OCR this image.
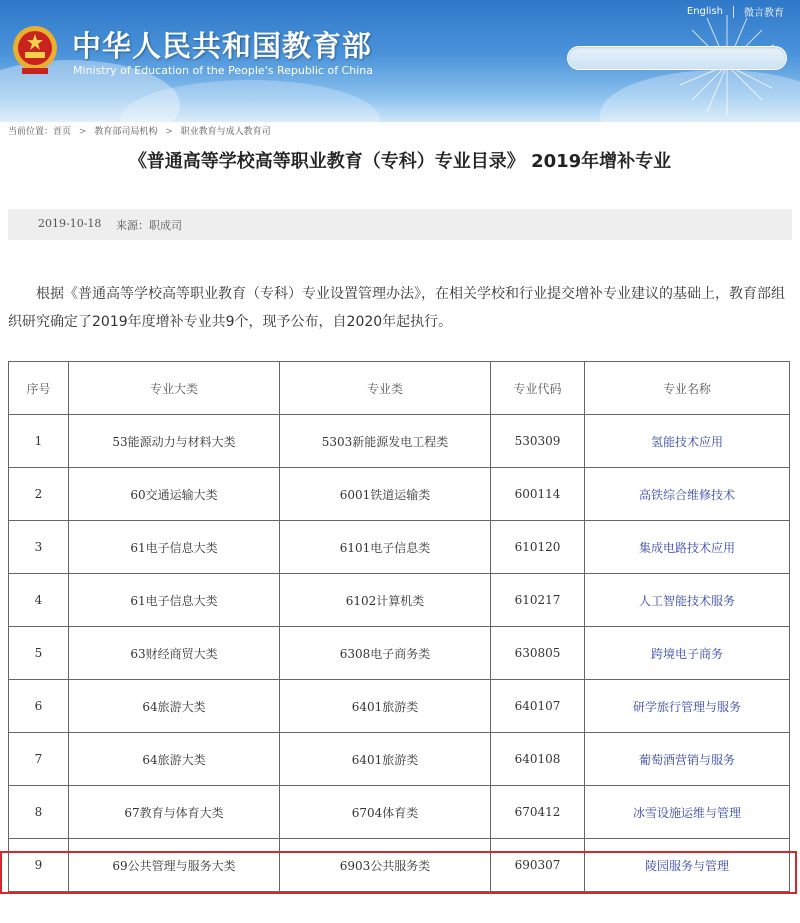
中华人民共和国教育部
Ministry of Education of the People's Republic of China
English 微言教育
当前位置：首页 > 教育部司局机构 > 职业教育与成人教育司
《普通高等学校高等职业教育（专科）专业目录》 2019年增补专业
2019-10-18 来源：职成司
根据《普通高等学校高等职业教育（专科）专业设置管理办法》，在相关学校和行业提交增补专业建议的基础上，教育部组织研究确定了2019年度增补专业共9个，现予公布，自2020年起执行。
序号	专业大类	专业类	专业代码	专业名称
1	53能源动力与材料大类	5303新能源发电工程类	530309	氢能技术应用
2	60交通运输大类	6001铁道运输类	600114	高铁综合维修技术
3	61电子信息大类	6101电子信息类	610120	集成电路技术应用
4	61电子信息大类	6102计算机类	610217	人工智能技术服务
5	63财经商贸大类	6308电子商务类	630805	跨境电子商务
6	64旅游大类	6401旅游类	640107	研学旅行管理与服务
7	64旅游大类	6401旅游类	640108	葡萄酒营销与服务
8	67教育与体育大类	6704体育类	670412	冰雪设施运维与管理
9	69公共管理与服务大类	6903公共服务类	690307	陵园服务与管理
